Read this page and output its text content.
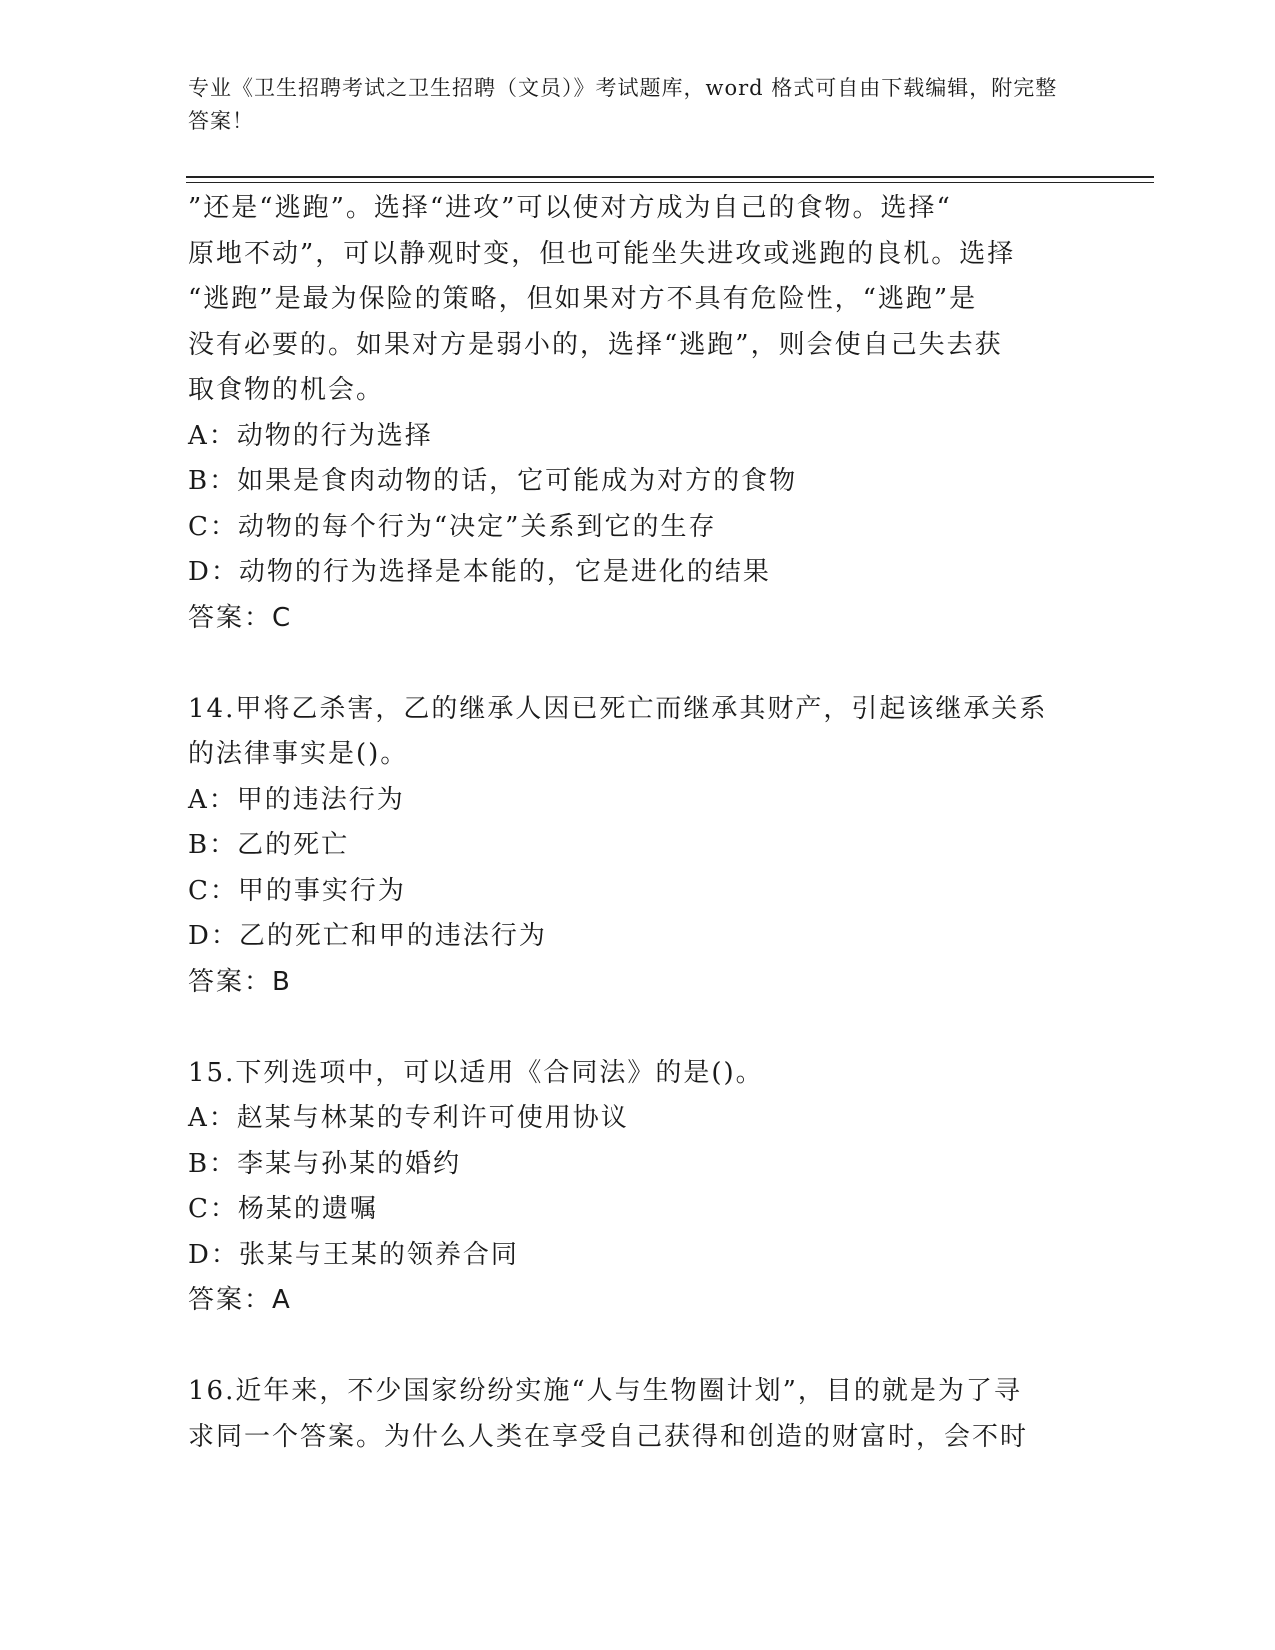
专业《卫生招聘考试之卫生招聘（文员）》考试题库，word 格式可自由下载编辑，附完整答案！
”还是“逃跑”。选择“进攻”可以使对方成为自己的食物。选择“
原地不动”，可以静观时变，但也可能坐失进攻或逃跑的良机。选择
“逃跑”是最为保险的策略，但如果对方不具有危险性，“逃跑”是
没有必要的。如果对方是弱小的，选择“逃跑”，则会使自己失去获
取食物的机会。
A：动物的行为选择
B：如果是食肉动物的话，它可能成为对方的食物
C：动物的每个行为“决定”关系到它的生存
D：动物的行为选择是本能的，它是进化的结果
答案：C
14.甲将乙杀害，乙的继承人因已死亡而继承其财产，引起该继承关系
的法律事实是()。
A：甲的违法行为
B：乙的死亡
C：甲的事实行为
D：乙的死亡和甲的违法行为
答案：B
15.下列选项中，可以适用《合同法》的是()。
A：赵某与林某的专利许可使用协议
B：李某与孙某的婚约
C：杨某的遗嘱
D：张某与王某的领养合同
答案：A
16.近年来，不少国家纷纷实施“人与生物圈计划”，目的就是为了寻
求同一个答案。为什么人类在享受自己获得和创造的财富时，会不时
